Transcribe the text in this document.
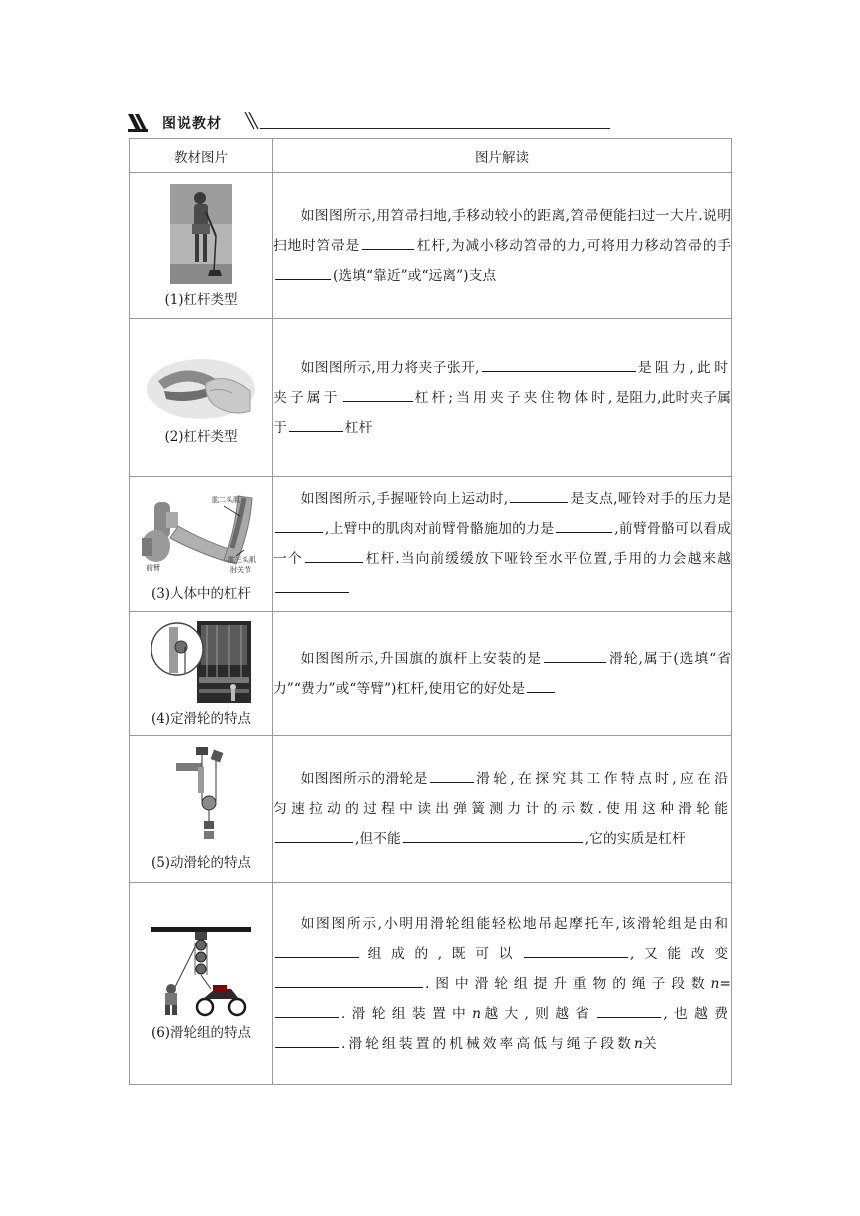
图说教材
教材图片	图片解读

(1)杠杆类型	如图图所示,用笤帚扫地,手移动较小的距离,笤帚便能扫过一大片.说明扫地时笤帚是 杠杆,为减小移动笤帚的力,可将用力移动笤帚的手(选填“靠近”或“远离”)支点

(2)杠杆类型	如图图所示,用力将夹子张开, 是阻力,此时夹子属于 杠杆;当用夹子夹住物体时,是阻力,此时夹子属于 杠杆

肱二头肌
前臂
肱三头肌
肘关节
(3)人体中的杠杆	如图图所示,手握哑铃向上运动时, 是支点,哑铃对手的压力是,上臂中的肌肉对前臂骨骼施加的力是 ,前臂骨骼可以看成一个 杠杆.当向前缓缓放下哑铃至水平位置,手用的力会越来越

(4)定滑轮的特点	如图图所示,升国旗的旗杆上安装的是 滑轮,属于(选填“省力”“费力”或“等臂”)杠杆,使用它的好处是

(5)动滑轮的特点	如图图所示的滑轮是 滑轮,在探究其工作特点时,应在沿匀速拉动的过程中读出弹簧测力计的示数.使用这种滑轮能,但不能 ,它的实质是杠杆

(6)滑轮组的特点	如图图所示,小明用滑轮组能轻松地吊起摩托车,该滑轮组是由和组成的,既可以 ,又能改变.图中滑轮组提升重物的绳子段数n=.滑轮组装置中n越大,则越省 ,也越费.滑轮组装置的机械效率高低与绳子段数n关
